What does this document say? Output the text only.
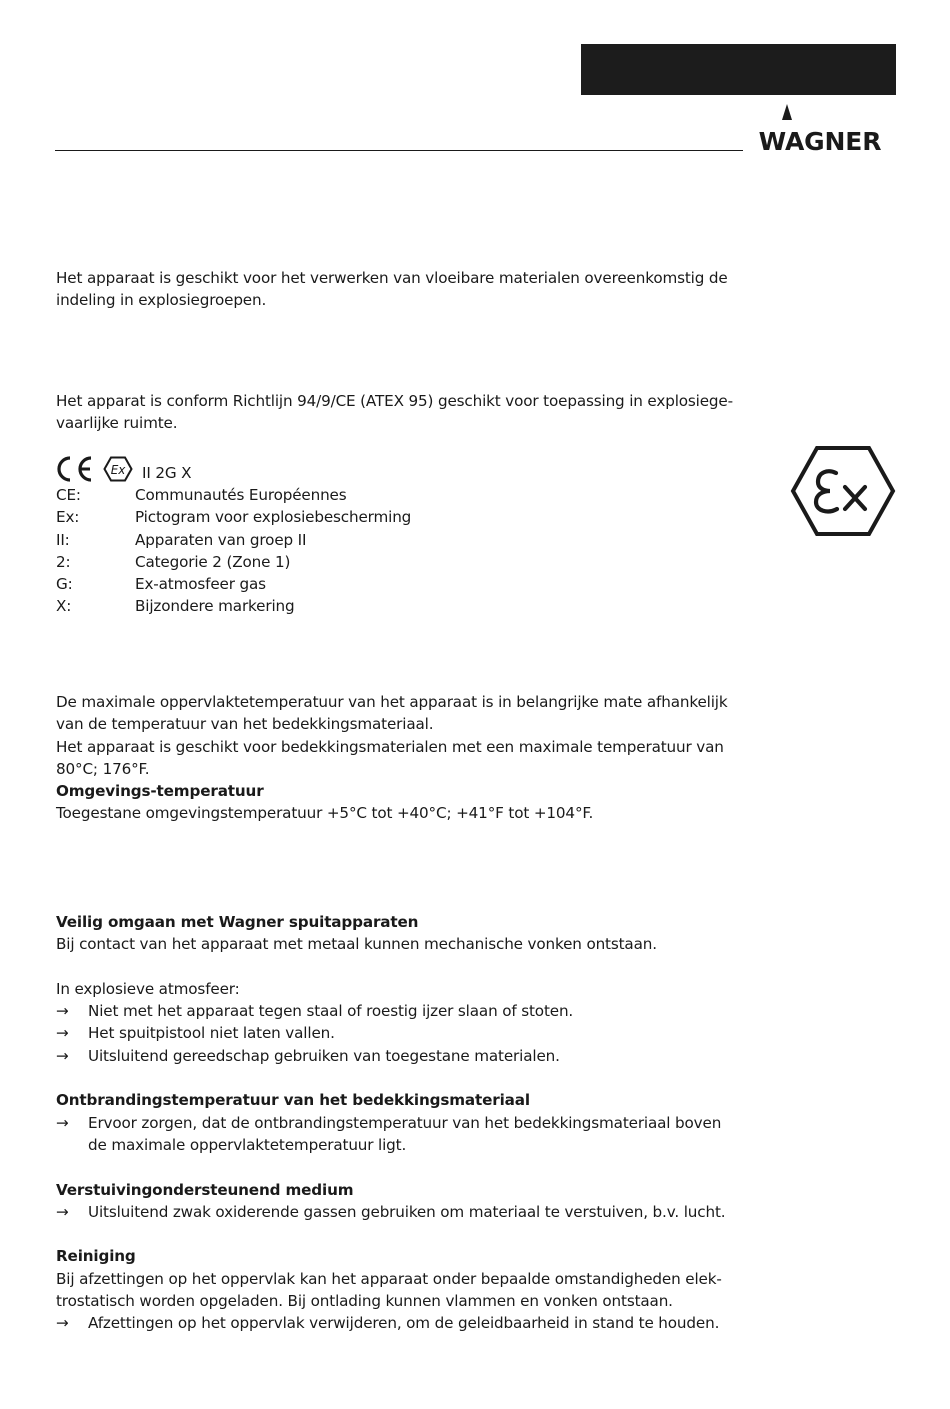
WAGNER

Het apparaat is geschikt voor het verwerken van vloeibare materialen overeenkomstig de indeling in explosiegroepen.

Het apparat is conform Richtlijn 94/9/CE (ATEX 95) geschikt voor toepassing in explosiege-

vaarlijke ruimte.

Ex II 2G X
CE:	Communautés Européennes
Ex:	Pictogram voor explosiebescherming
II:	Apparaten van groep II
2:	Categorie 2 (Zone 1)
G:	Ex-atmosfeer gas
X:	Bijzondere markering

De maximale oppervlaktetemperatuur van het apparaat is in belangrijke mate afhankelijk

van de temperatuur van het bedekkingsmateriaal.

Het apparaat is geschikt voor bedekkingsmaterialen met een maximale temperatuur van

80°C; 176°F.

Omgevings-temperatuur

Toegestane omgevingstemperatuur +5°C tot +40°C; +41°F tot +104°F.

Veilig omgaan met Wagner spuitapparaten

Bij contact van het apparaat met metaal kunnen mechanische vonken ontstaan.

In explosieve atmosfeer:

→	Niet met het apparaat tegen staal of roestig ijzer slaan of stoten.
→	Het spuitpistool niet laten vallen.
→	Uitsluitend gereedschap gebruiken van toegestane materialen.

Ontbrandingstemperatuur van het bedekkingsmateriaal

→	Ervoor zorgen, dat de ontbrandingstemperatuur van het bedekkingsmateriaal boven
de maximale oppervlaktetemperatuur ligt.

Verstuivingondersteunend medium

→	Uitsluitend zwak oxiderende gassen gebruiken om materiaal te verstuiven, b.v. lucht.

Reiniging

Bij afzettingen op het oppervlak kan het apparaat onder bepaalde omstandigheden elek-

trostatisch worden opgeladen. Bij ontlading kunnen vlammen en vonken ontstaan.

→	Afzettingen op het oppervlak verwijderen, om de geleidbaarheid in stand te houden.
